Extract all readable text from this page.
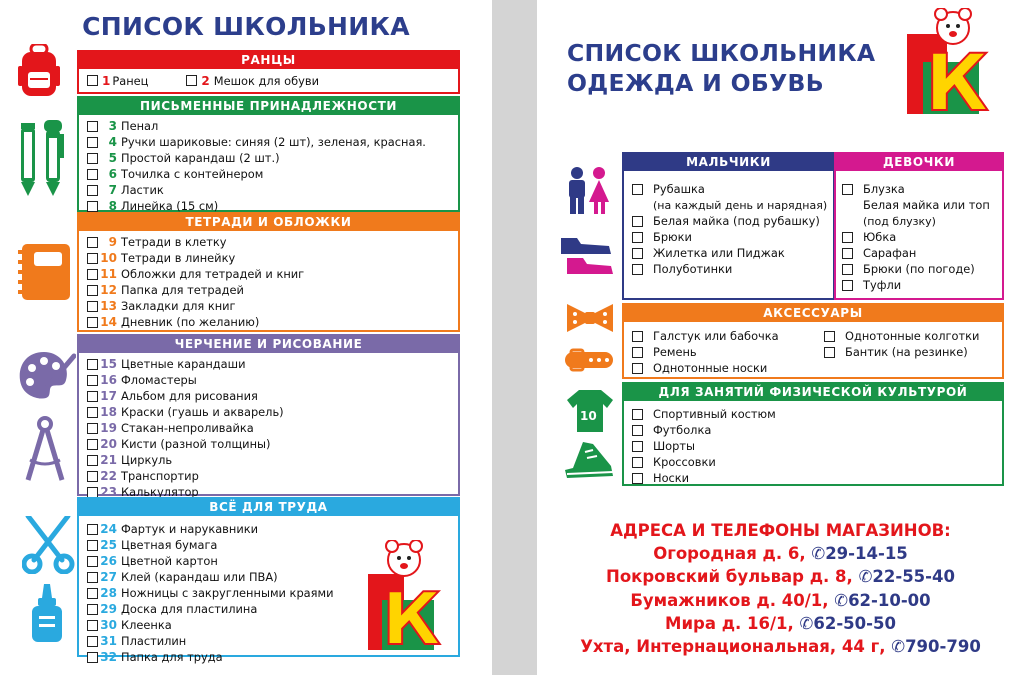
СПИСОК ШКОЛЬНИКА
РАНЦЫ
1 Ранец	2 Мешок для обуви
ПИСЬМЕННЫЕ ПРИНАДЛЕЖНОСТИ
3 Пенал
4 Ручки шариковые: синяя (2 шт), зеленая, красная.
5 Простой карандаш (2 шт.)
6 Точилка с контейнером
7 Ластик
8 Линейка (15 см)
ТЕТРАДИ И ОБЛОЖКИ
9 Тетради в клетку
10 Тетради в линейку
11 Обложки для тетрадей и книг
12 Папка для тетрадей
13 Закладки для книг
14 Дневник (по желанию)
ЧЕРЧЕНИЕ И РИСОВАНИЕ
15 Цветные карандаши
16 Фломастеры
17 Альбом для рисования
18 Краски (гуашь и акварель)
19 Стакан-непроливайка
20 Кисти (разной толщины)
21 Циркуль
22 Транспортир
23 Калькулятор
ВСЁ ДЛЯ ТРУДА
24 Фартук и нарукавники
25 Цветная бумага
26 Цветной картон
27 Клей (карандаш или ПВА)
28 Ножницы с закругленными краями
29 Доска для пластилина
30 Клеенка
31 Пластилин
32 Папка для труда К
СПИСОК ШКОЛЬНИКА
ОДЕЖДА И ОБУВЬ	К
10
МАЛЬЧИКИ
Рубашка
(на каждый день и нарядная)
Белая майка (под рубашку)
Брюки
Жилетка или Пиджак
Полуботинки
ДЕВОЧКИ
Блузка
Белая майка или топ
(под блузку)
Юбка
Сарафан
Брюки (по погоде)
Туфли
АКСЕССУАРЫ
Галстук или бабочка
Ремень
Однотонные носки
Однотонные колготки
Бантик (на резинке)
ДЛЯ ЗАНЯТИЙ ФИЗИЧЕСКОЙ КУЛЬТУРОЙ
Спортивный костюм
Футболка
Шорты
Кроссовки
Носки
АДРЕСА И ТЕЛЕФОНЫ МАГАЗИНОВ:
Огородная д. 6, ✆29-14-15
Покровский бульвар д. 8, ✆22-55-40
Бумажников д. 40/1, ✆62-10-00
Мира д. 16/1, ✆62-50-50
Ухта, Интернациональная, 44 г, ✆790-790
